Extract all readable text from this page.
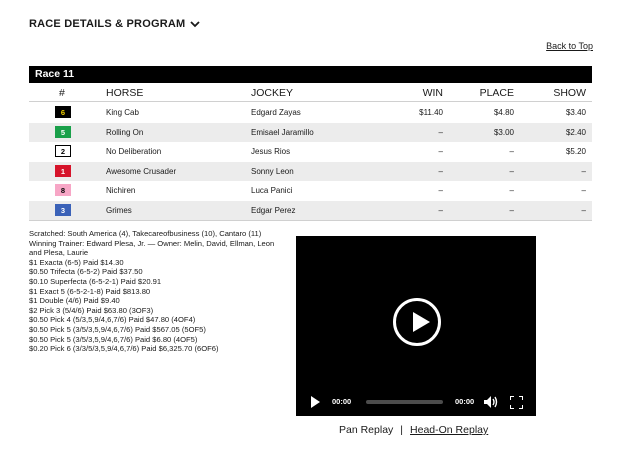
RACE DETAILS & PROGRAM
Back to Top
Race 11
#	HORSE	JOCKEY	WIN	PLACE	SHOW
6	King Cab	Edgard Zayas	$11.40	$4.80	$3.40
5	Rolling On	Emisael Jaramillo	–	$3.00	$2.40
2	No Deliberation	Jesus Rios	–	–	$5.20
1	Awesome Crusader	Sonny Leon	–	–	–
8	Nichiren	Luca Panici	–	–	–
3	Grimes	Edgar Perez	–	–	–
Scratched: South America (4), Takecareofbusiness (10), Cantaro (11)
Winning Trainer: Edward Plesa, Jr. — Owner: Melin, David, Ellman, Leon and Plesa, Laurie
$1 Exacta (6-5) Paid $14.30
$0.50 Trifecta (6-5-2) Paid $37.50
$0.10 Superfecta (6-5-2-1) Paid $20.91
$1 Exact 5 (6-5-2-1-8) Paid $813.80
$1 Double (4/6) Paid $9.40
$2 Pick 3 (5/4/6) Paid $63.80 (3OF3)
$0.50 Pick 4 (5/3,5,9/4,6,7/6) Paid $47.80 (4OF4)
$0.50 Pick 5 (3/5/3,5,9/4,6,7/6) Paid $567.05 (5OF5)
$0.50 Pick 5 (3/5/3,5,9/4,6,7/6) Paid $6.80 (4OF5)
$0.20 Pick 6 (3/3/5/3,5,9/4,6,7/6) Paid $6,325.70 (6OF6)
00:00	00:00
Pan Replay | Head-On Replay
